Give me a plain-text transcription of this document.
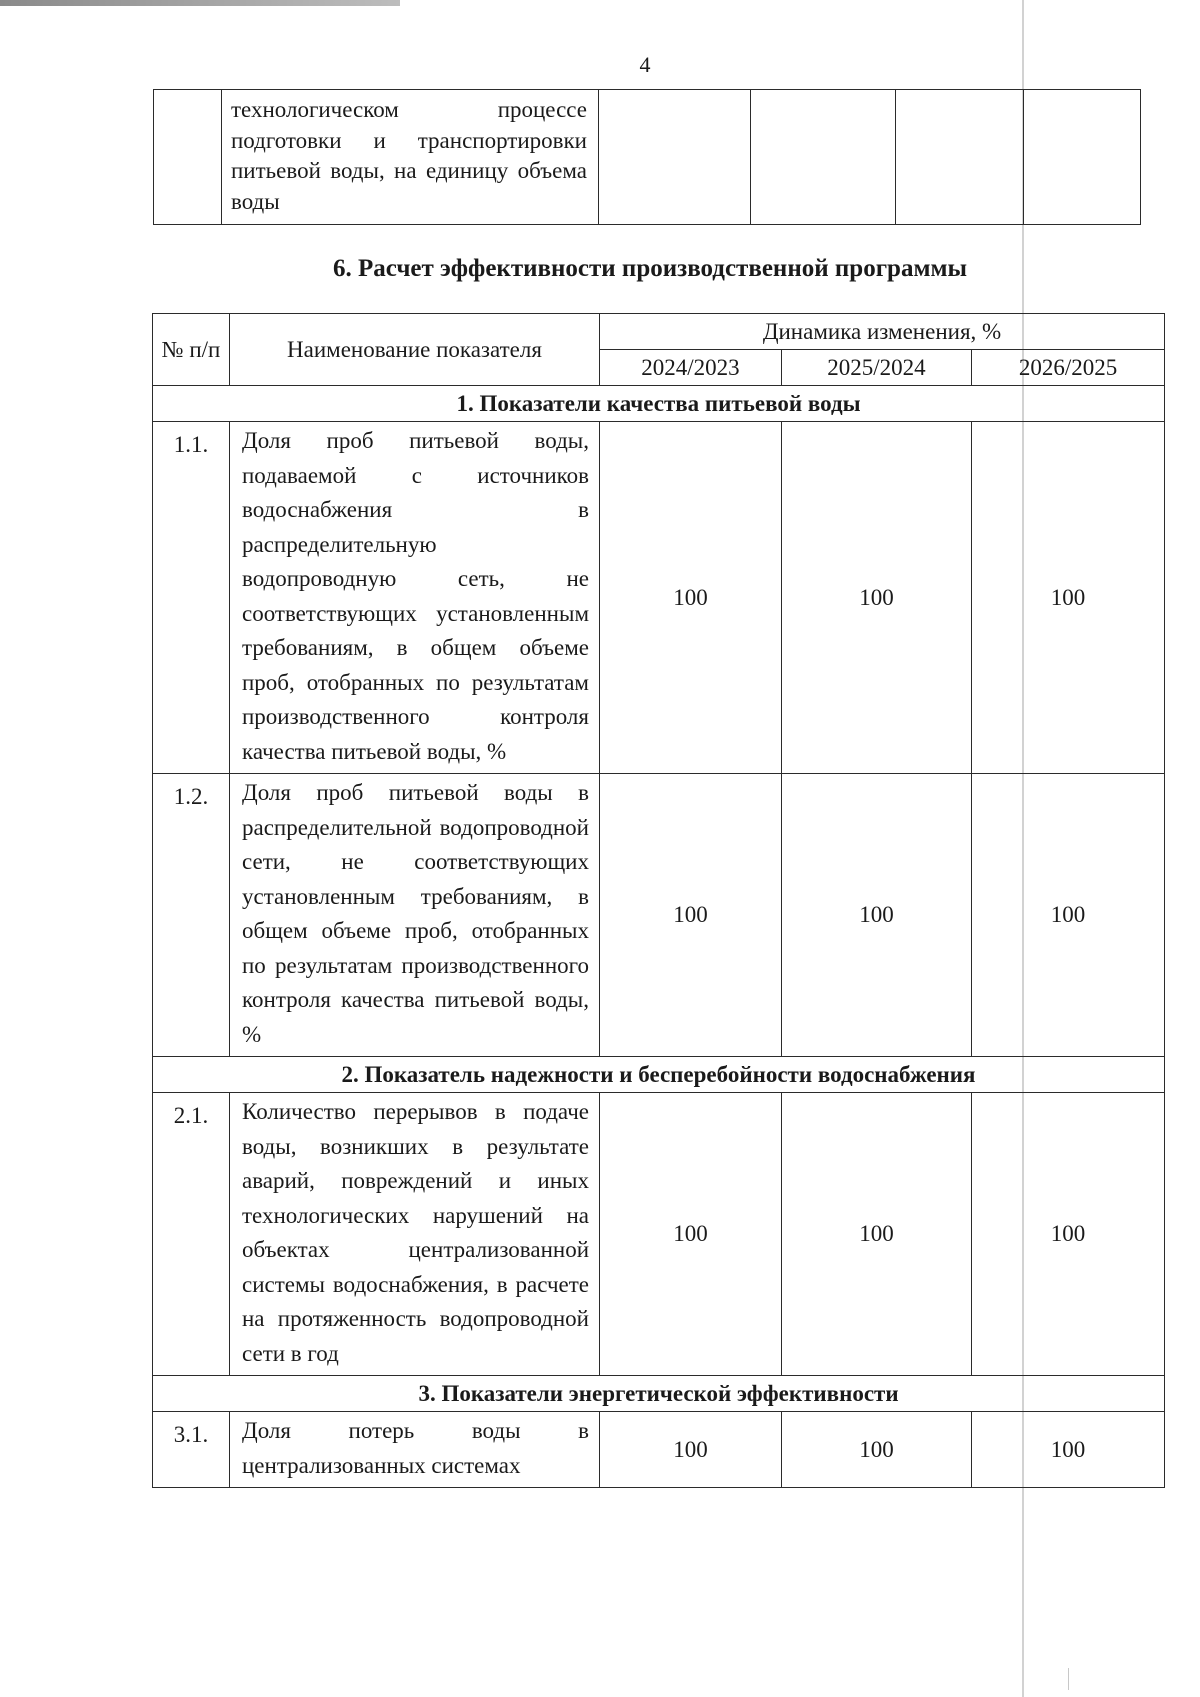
4

технологическом процессе подготовки и транспортировки питьевой воды, на единицу объема воды

6. Расчет эффективности производственной программы
№ п/п	Наименование показателя	Динамика изменения, %		
		2024/2023	2025/2024	2026/2025
1. Показатели качества питьевой воды				
1.1.	Доля проб питьевой воды, подаваемой с источников водоснабжения в распределительную водопроводную сеть, не соответствующих установленным требованиям, в общем объеме проб, отобранных по результатам производственного контроля качества питьевой воды, %	100	100	100
1.2.	Доля проб питьевой воды в распределительной водопроводной сети, не соответствующих установленным требованиям, в общем объеме проб, отобранных по результатам производственного контроля качества питьевой воды, %	100	100	100
2. Показатель надежности и бесперебойности водоснабжения				
2.1.	Количество перерывов в подаче воды, возникших в результате аварий, повреждений и иных технологических нарушений на объектах централизованной системы водоснабжения, в расчете на протяженность водопроводной сети в год	100	100	100
3. Показатели энергетической эффективности				
3.1.	Доля потерь воды в централизованных системах	100	100	100
